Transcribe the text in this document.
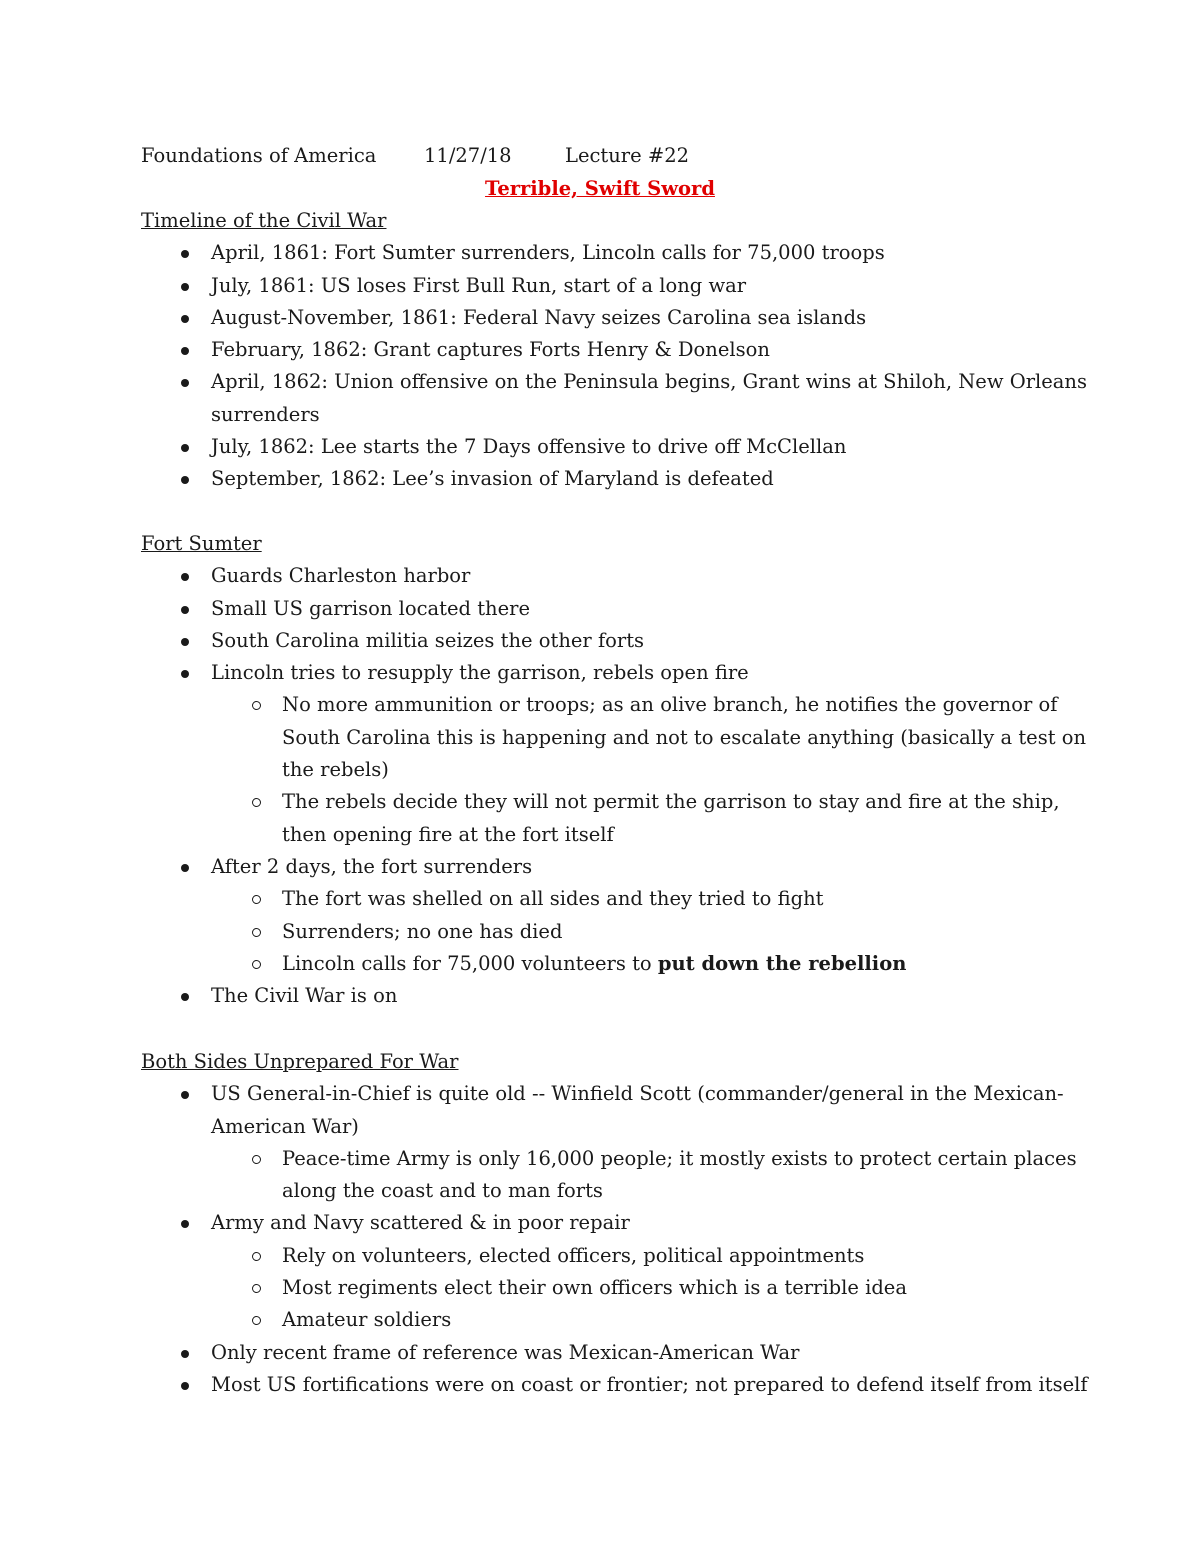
Foundations of America 11/27/18	Lecture #22
Terrible, Swift Sword
Timeline of the Civil War
April, 1861: Fort Sumter surrenders, Lincoln calls for 75,000 troops
July, 1861: US loses First Bull Run, start of a long war
August-November, 1861: Federal Navy seizes Carolina sea islands
February, 1862: Grant captures Forts Henry & Donelson
April, 1862: Union offensive on the Peninsula begins, Grant wins at Shiloh, New Orleans surrenders
July, 1862: Lee starts the 7 Days offensive to drive off McClellan
September, 1862: Lee’s invasion of Maryland is defeated
Fort Sumter
Guards Charleston harbor
Small US garrison located there
South Carolina militia seizes the other forts
Lincoln tries to resupply the garrison, rebels open fire
No more ammunition or troops; as an olive branch, he notifies the governor of South Carolina this is happening and not to escalate anything (basically a test on the rebels)
The rebels decide they will not permit the garrison to stay and fire at the ship, then opening fire at the fort itself
After 2 days, the fort surrenders
The fort was shelled on all sides and they tried to fight
Surrenders; no one has died
Lincoln calls for 75,000 volunteers to put down the rebellion
The Civil War is on
Both Sides Unprepared For War
US General-in-Chief is quite old -- Winfield Scott (commander/general in the Mexican-American War)
Peace-time Army is only 16,000 people; it mostly exists to protect certain places along the coast and to man forts
Army and Navy scattered & in poor repair
Rely on volunteers, elected officers, political appointments
Most regiments elect their own officers which is a terrible idea
Amateur soldiers
Only recent frame of reference was Mexican-American War
Most US fortifications were on coast or frontier; not prepared to defend itself from itself
